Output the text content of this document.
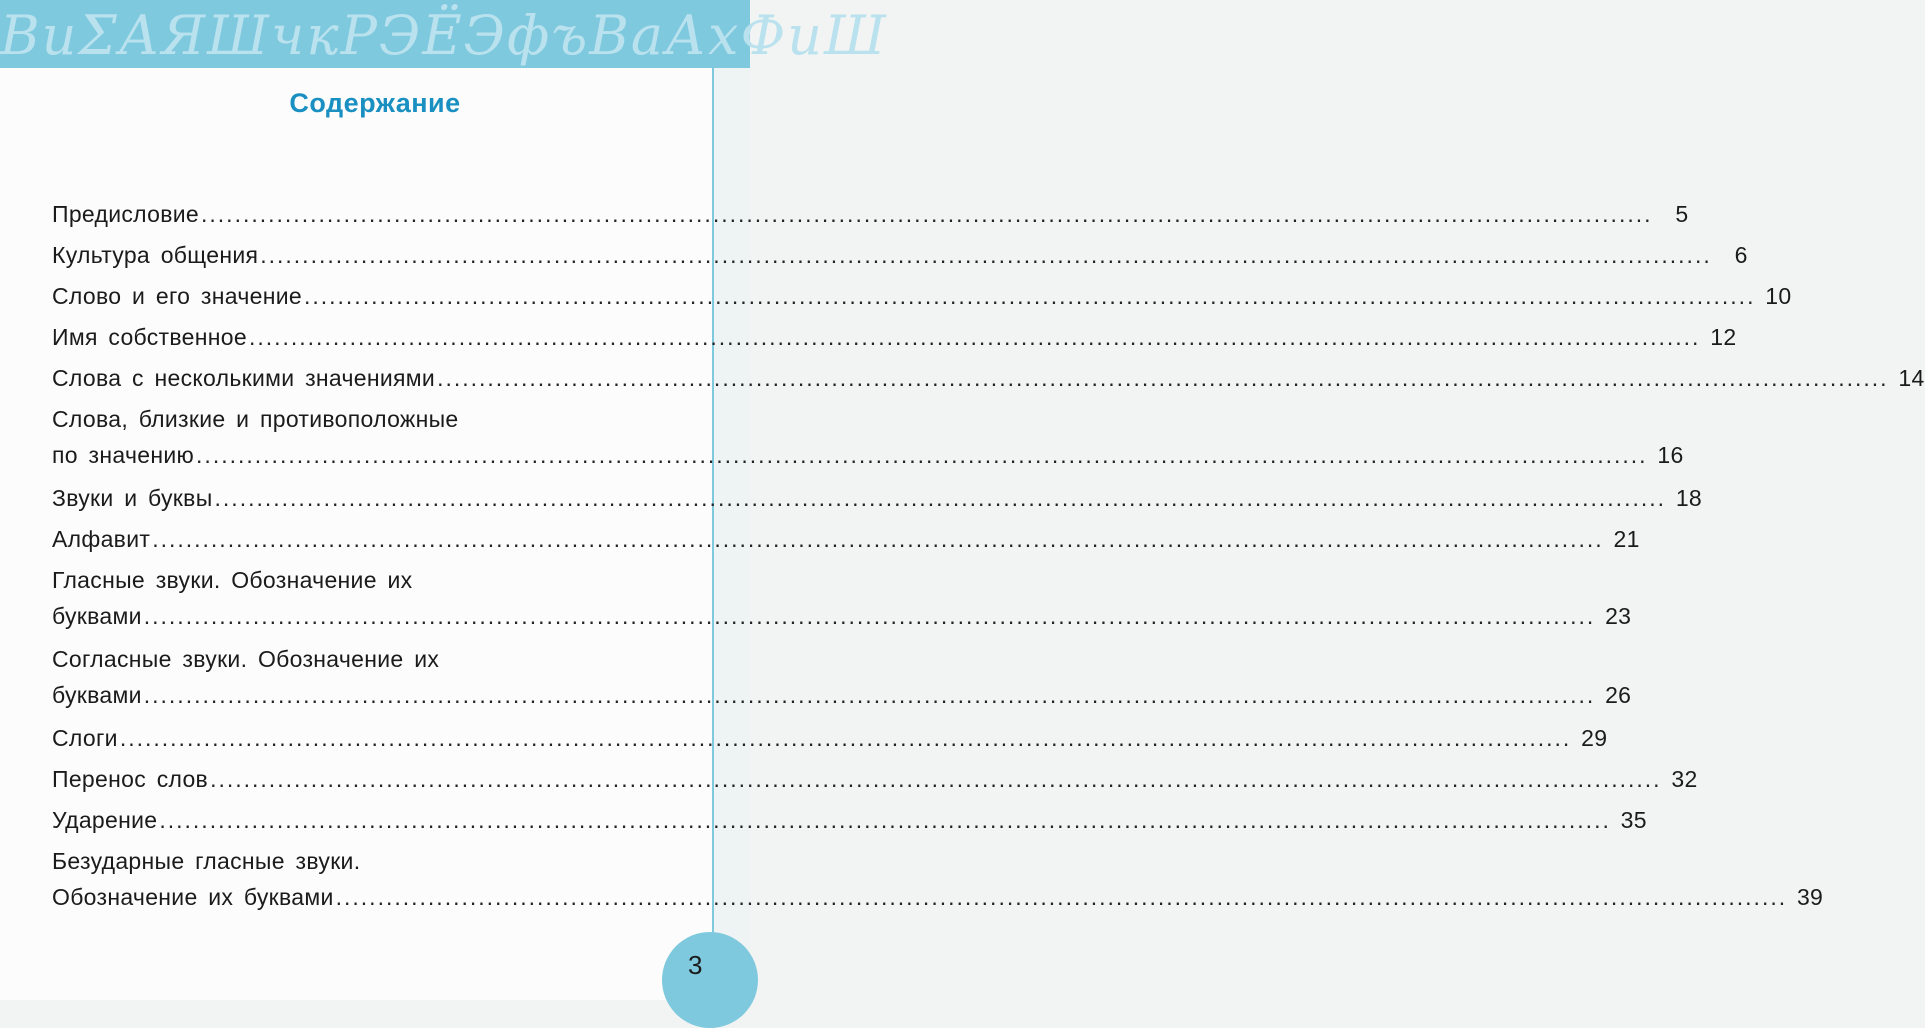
ВиΣАЯШчкРЭЁЭфъВаАхФиШ
Содержание
Предисловие .....	5
Культура общения .....	6
Слово и его значение .....	10
Имя собственное .....	12
Слова с несколькими значениями .....	14
Слова, близкие и противоположные
по значению .....	16
Звуки и буквы .....	18
Алфавит .....	21
Гласные звуки. Обозначение их
буквами .....	23
Согласные звуки. Обозначение их
буквами .....	26
Слоги .....	29
Перенос слов .....	32
Ударение .....	35
Безударные гласные звуки.
Обозначение их буквами .....	39
3
